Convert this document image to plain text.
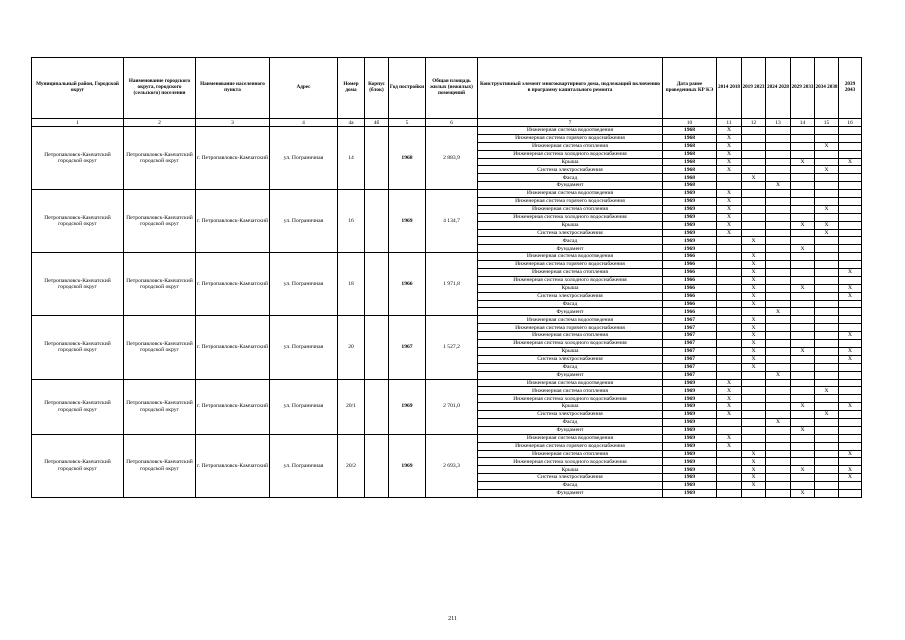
Муниципальный район, Городской округ	Наименование городского округа, городского (сельского) поселения	Наименование населенного пункта	Адрес	Номер дома	Корпус (блок)	Год постройки	Общая площадь жилых (нежилых) помещений	Конструктивный элемент многоквартирного дома, подлежащий включению в программу капитального ремонта	Дата ранее проведенных КР КЭ	2014 2018	2019 2023	2024 2028	2029 2033	2034 2038	2039 2043
1	2	3	4	4а	4б	5	6	7	10	11	12	13	14	15	16
Петропавловск-Камчатский городской округ	Петропавловск-Камчатский городской округ	г. Петропавловск-Камчатский	ул. Пограничная	14		1968	2 883,9	Инженерная система водоотведения	1968	X					
								Инженерная система горячего водоснабжения	1968	X					
								Инженерная система отопления	1968	X				X	
								Инженерная система холодного водоснабжения	1968	X					
								Крыша	1968	X			X		X
								Система электроснабжения	1968	X				X	
								Фасад	1968		X				
								Фундамент	1968			X			
Петропавловск-Камчатский городской округ	Петропавловск-Камчатский городской округ	г. Петропавловск-Камчатский	ул. Пограничная	16		1969	4 134,7	Инженерная система водоотведения	1969	X					
								Инженерная система горячего водоснабжения	1969	X					
								Инженерная система отопления	1969	X				X	
								Инженерная система холодного водоснабжения	1969	X					
								Крыша	1969	X			X	X	
								Система электроснабжения	1969	X				X	
								Фасад	1969		X				
								Фундамент	1969				X		
Петропавловск-Камчатский городской округ	Петропавловск-Камчатский городской округ	г. Петропавловск-Камчатский	ул. Пограничная	18		1966	1 971,8	Инженерная система водоотведения	1966		X				
								Инженерная система горячего водоснабжения	1966		X				
								Инженерная система отопления	1966		X				X
								Инженерная система холодного водоснабжения	1966		X				
								Крыша	1966		X		X		X
								Система электроснабжения	1966		X				X
								Фасад	1966		X				
								Фундамент	1966			X			
Петропавловск-Камчатский городской округ	Петропавловск-Камчатский городской округ	г. Петропавловск-Камчатский	ул. Пограничная	20		1967	1 527,2	Инженерная система водоотведения	1967		X				
								Инженерная система горячего водоснабжения	1967		X				
								Инженерная система отопления	1967		X				X
								Инженерная система холодного водоснабжения	1967		X				
								Крыша	1967		X		X		X
								Система электроснабжения	1967		X				X
								Фасад	1967		X				
								Фундамент	1967			X			
Петропавловск-Камчатский городской округ	Петропавловск-Камчатский городской округ	г. Петропавловск-Камчатский	ул. Пограничная	20/1		1969	2 701,0	Инженерная система водоотведения	1969	X					
								Инженерная система отопления	1969	X				X	
								Инженерная система холодного водоснабжения	1969	X					
								Крыша	1969	X			X		X
								Система электроснабжения	1969	X				X	
								Фасад	1969			X			
								Фундамент	1969				X		
Петропавловск-Камчатский городской округ	Петропавловск-Камчатский городской округ	г. Петропавловск-Камчатский	ул. Пограничная	20/2		1969	2 693,3	Инженерная система водоотведения	1969	X					
								Инженерная система горячего водоснабжения	1969	X					
								Инженерная система отопления	1969		X				X
								Инженерная система холодного водоснабжения	1969		X				
								Крыша	1969		X		X		X
								Система электроснабжения	1969		X				X
								Фасад	1969		X				
								Фундамент	1969				X		
211
